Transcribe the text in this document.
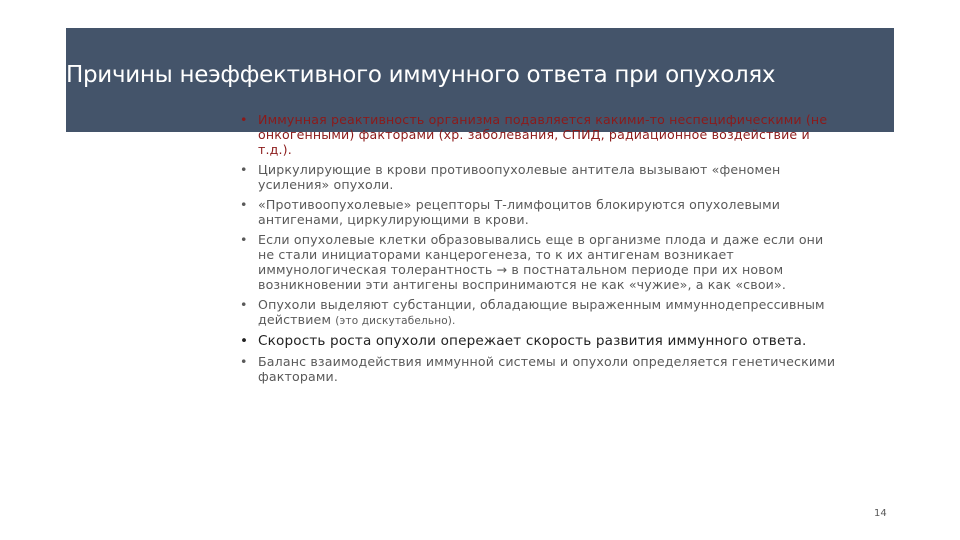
Причины неэффективного иммунного ответа при опухолях
• Иммунная реактивность организма подавляется какими-то неспецифическими (не онкогенными) факторами (хр. заболевания, СПИД, радиационное воздействие и т.д.).
• Циркулирующие в крови противоопухолевые антитела вызывают «феномен усиления» опухоли.
• «Противоопухолевые» рецепторы Т-лимфоцитов блокируются опухолевыми антигенами, циркулирующими в крови.
• Если опухолевые клетки образовывались еще в организме плода и даже если они не стали инициаторами канцерогенеза, то к их антигенам возникает иммунологическая толерантность → в постнатальном периоде при их новом возникновении эти антигены воспринимаются не как «чужие», а как «свои».
• Опухоли выделяют субстанции, обладающие выраженным иммуннодепрессивным действием (это дискутабельно).
• Скорость роста опухоли опережает скорость развития иммунного ответа.
• Баланс взаимодействия иммунной системы и опухоли определяется генетическими факторами.
14
